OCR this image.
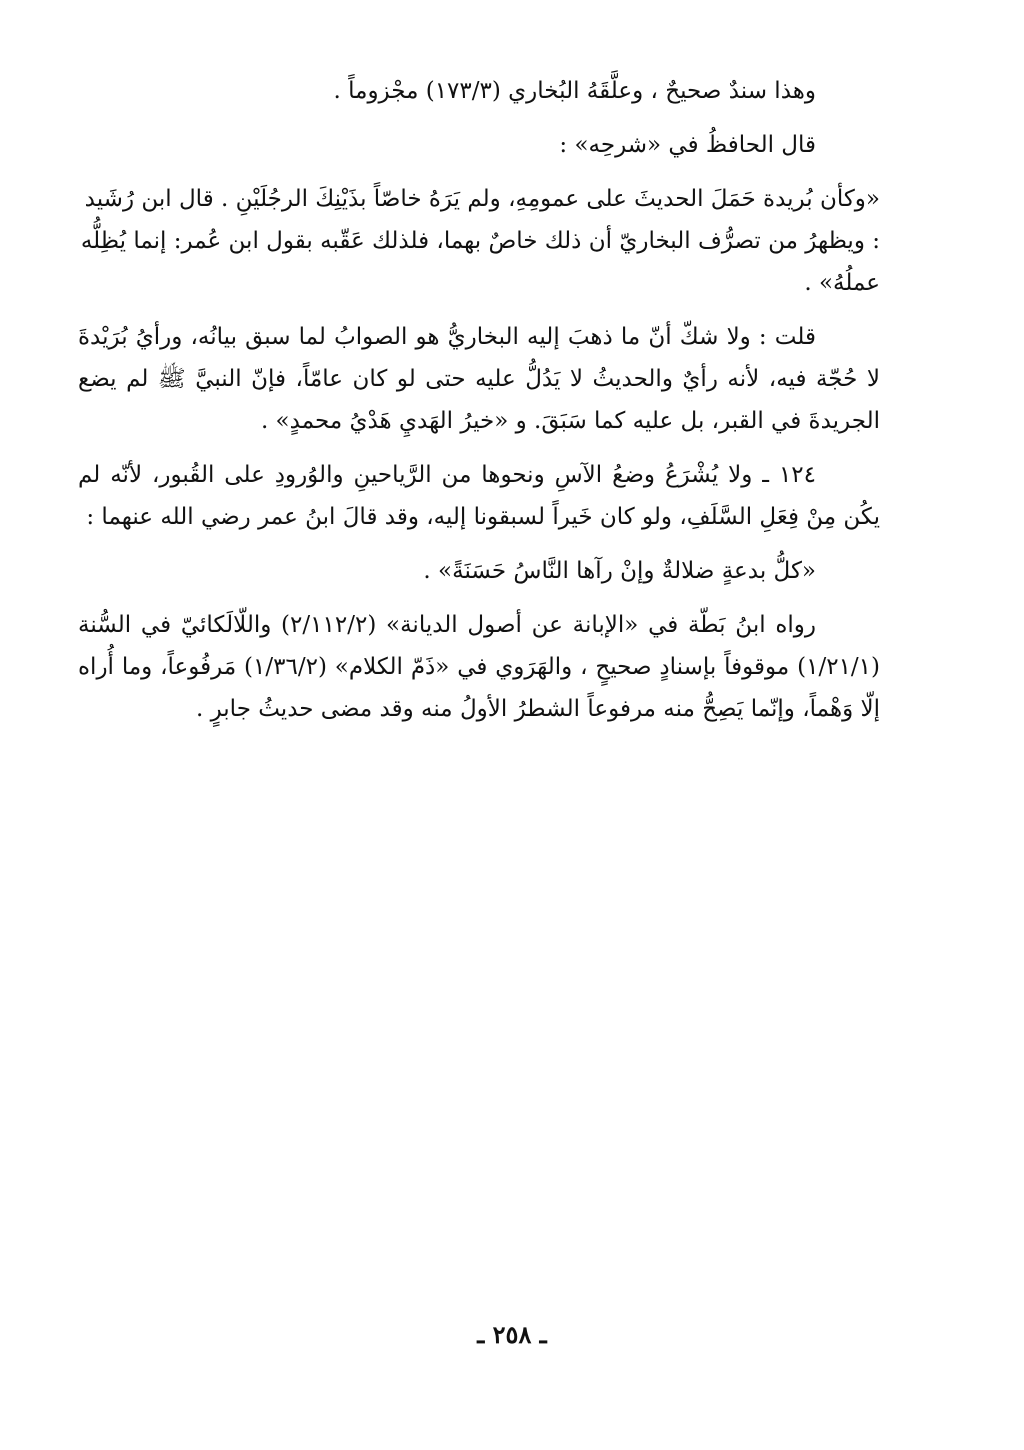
وهذا سندٌ صحيحٌ ، وعلَّقَهُ البُخاري (١٧٣/٣) مجْزوماً .

قال الحافظُ في «شرحِه» :

«وكأن بُريدة حَمَلَ الحديثَ على عمومِهِ، ولم يَرَهُ خاصّاً بذَيْنِكَ الرجُلَيْنِ . قال ابن رُشَيد : ويظهرُ من تصرُّف البخاريّ أن ذلك خاصٌ بهما، فلذلك عَقّبه بقول ابن عُمر: إنما يُظِلُّه عملُهُ» .

قلت : ولا شكّ أنّ ما ذهبَ إليه البخاريُّ هو الصوابُ لما سبق بيانُه، ورأيُ بُرَيْدةَ لا حُجّة فيه، لأنه رأيٌ والحديثُ لا يَدُلُّ عليه حتى لو كان عامّاً، فإنّ النبيَّ ﷺ لم يضع الجريدةَ في القبر، بل عليه كما سَبَقَ. و «خيرُ الهَديِ هَدْيُ محمدٍ» .

١٢٤ ـ ولا يُشْرَعُ وضعُ الآسِ ونحوها من الرَّياحينِ والوُرودِ على القُبور، لأنّه لم يكُن مِنْ فِعَلِ السَّلَفِ، ولو كان خَيراً لسبقونا إليه، وقد قالَ ابنُ عمر رضي الله عنهما :

«كلُّ بدعةٍ ضلالةٌ وإنْ رآها النَّاسُ حَسَنَةً» .

رواه ابنُ بَطّة في «الإبانة عن أصول الديانة» (٢/١١٢/٢) واللّالَكائيّ في السُّنة (١/٢١/١) موقوفاً بإسنادٍ صحيحٍ ، والهَرَوي في «ذَمّ الكلام» (١/٣٦/٢) مَرفُوعاً، وما أُراه إلّا وَهْماً، وإنّما يَصِحُّ منه مرفوعاً الشطرُ الأولُ منه وقد مضى حديثُ جابرٍ .

ـ ٢٥٨ ـ
